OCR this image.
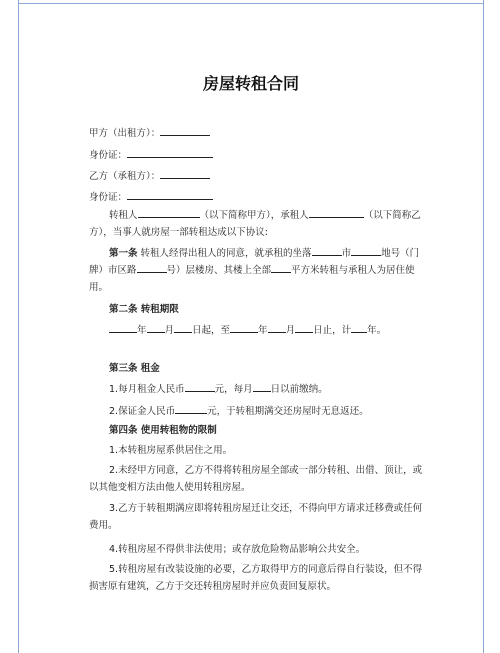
房屋转租合同
甲方（出租方）：
身份证：
乙方（承租方）：
身份证：
转租人	（以下简称甲方），承租人	（以下简称乙方），当事人就房屋一部转租达成以下协议:
第一条 转租人经得出租人的同意，就承租的坐落	市	地号（门牌）市区路	号）层楼房、其楼上全部 平方米转租与承租人为居住使用。
第二条 转租期限
年 月 日起，至	年 月 日止，计 年。
第三条 租金
1.每月租金人民币	元，每月 日以前缴纳。
2.保证金人民币	元，于转租期满交还房屋时无息返还。
第四条 使用转租物的限制
1.本转租房屋系供居住之用。
2.未经甲方同意，乙方不得将转租房屋全部或一部分转租、出借、顶让，或以其他变相方法由他人使用转租房屋。
3.乙方于转租期满应即将转租房屋迁让交还，不得向甲方请求迁移费或任何费用。
4.转租房屋不得供非法使用；或存放危险物品影响公共安全。
5.转租房屋有改装设施的必要，乙方取得甲方的同意后得自行装设，但不得损害原有建筑，乙方于交还转租房屋时并应负责回复原状。
